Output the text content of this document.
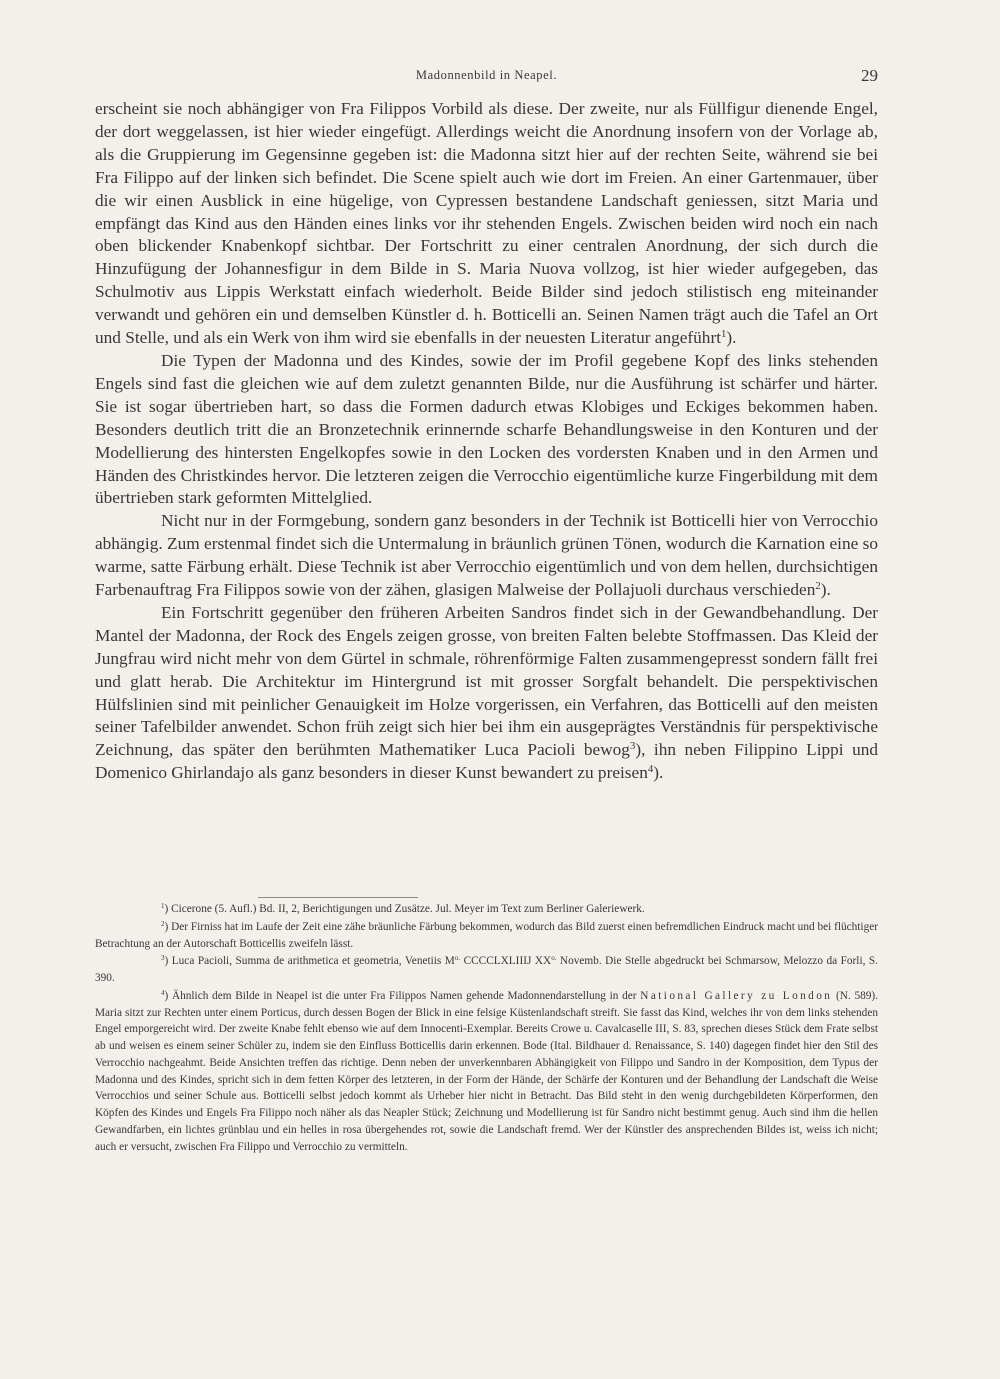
Madonnenbild in Neapel.	29

erscheint sie noch abhängiger von Fra Filippos Vorbild als diese. Der zweite, nur als Füllfigur dienende Engel, der dort weggelassen, ist hier wieder eingefügt. Allerdings weicht die Anordnung insofern von der Vorlage ab, als die Gruppierung im Gegensinne gegeben ist: die Madonna sitzt hier auf der rechten Seite, während sie bei Fra Filippo auf der linken sich befindet. Die Scene spielt auch wie dort im Freien. An einer Gartenmauer, über die wir einen Ausblick in eine hügelige, von Cypressen bestandene Landschaft geniessen, sitzt Maria und empfängt das Kind aus den Händen eines links vor ihr stehenden Engels. Zwischen beiden wird noch ein nach oben blickender Knabenkopf sichtbar. Der Fortschritt zu einer centralen Anordnung, der sich durch die Hinzufügung der Johannesfigur in dem Bilde in S. Maria Nuova vollzog, ist hier wieder aufgegeben, das Schulmotiv aus Lippis Werkstatt einfach wiederholt. Beide Bilder sind jedoch stilistisch eng miteinander verwandt und gehören ein und demselben Künstler d. h. Botticelli an. Seinen Namen trägt auch die Tafel an Ort und Stelle, und als ein Werk von ihm wird sie ebenfalls in der neuesten Literatur angeführt$^1$).

Die Typen der Madonna und des Kindes, sowie der im Profil gegebene Kopf des links stehenden Engels sind fast die gleichen wie auf dem zuletzt genannten Bilde, nur die Ausführung ist schärfer und härter. Sie ist sogar übertrieben hart, so dass die Formen dadurch etwas Klobiges und Eckiges bekommen haben. Besonders deutlich tritt die an Bronzetechnik erinnernde scharfe Behandlungsweise in den Konturen und der Modellierung des hintersten Engelkopfes sowie in den Locken des vordersten Knaben und in den Armen und Händen des Christkindes hervor. Die letzteren zeigen die Verrocchio eigentümliche kurze Fingerbildung mit dem übertrieben stark geformten Mittelglied.

Nicht nur in der Formgebung, sondern ganz besonders in der Technik ist Botticelli hier von Verrocchio abhängig. Zum erstenmal findet sich die Untermalung in bräunlich grünen Tönen, wodurch die Karnation eine so warme, satte Färbung erhält. Diese Technik ist aber Verrocchio eigentümlich und von dem hellen, durchsichtigen Farbenauftrag Fra Filippos sowie von der zähen, glasigen Malweise der Pollajuoli durchaus verschieden$^2$).

Ein Fortschritt gegenüber den früheren Arbeiten Sandros findet sich in der Gewandbehandlung. Der Mantel der Madonna, der Rock des Engels zeigen grosse, von breiten Falten belebte Stoffmassen. Das Kleid der Jungfrau wird nicht mehr von dem Gürtel in schmale, röhrenförmige Falten zusammengepresst sondern fällt frei und glatt herab. Die Architektur im Hintergrund ist mit grosser Sorgfalt behandelt. Die perspektivischen Hülfslinien sind mit peinlicher Genauigkeit im Holze vorgerissen, ein Verfahren, das Botticelli auf den meisten seiner Tafelbilder anwendet. Schon früh zeigt sich hier bei ihm ein ausgeprägtes Verständnis für perspektivische Zeichnung, das später den berühmten Mathematiker Luca Pacioli bewog$^3$), ihn neben Filippino Lippi und Domenico Ghirlandajo als ganz besonders in dieser Kunst bewandert zu preisen$^4$).

$^1$) Cicerone (5. Aufl.) Bd. II, 2, Berichtigungen und Zusätze. Jul. Meyer im Text zum Berliner Galeriewerk.

$^2$) Der Firniss hat im Laufe der Zeit eine zähe bräunliche Färbung bekommen, wodurch das Bild zuerst einen befremdlichen Eindruck macht und bei flüchtiger Betrachtung an der Autorschaft Botticellis zweifeln lässt.

$^3$) Luca Pacioli, Summa de arithmetica et geometria, Venetiis $M^{o.}$ CCCCLXLIIIJ $XX^{o.}$ Novemb. Die Stelle abgedruckt bei Schmarsow, Melozzo da Forli, S. 390.

$^4$) Ähnlich dem Bilde in Neapel ist die unter Fra Filippos Namen gehende Madonnendarstellung in der National Gallery zu London (N. 589). Maria sitzt zur Rechten unter einem Porticus, durch dessen Bogen der Blick in eine felsige Küstenlandschaft streift. Sie fasst das Kind, welches ihr von dem links stehenden Engel emporgereicht wird. Der zweite Knabe fehlt ebenso wie auf dem Innocenti-Exemplar. Bereits Crowe u. Cavalcaselle III, S. 83, sprechen dieses Stück dem Frate selbst ab und weisen es einem seiner Schüler zu, indem sie den Einfluss Botticellis darin erkennen. Bode (Ital. Bildhauer d. Renaissance, S. 140) dagegen findet hier den Stil des Verrocchio nachgeahmt. Beide Ansichten treffen das richtige. Denn neben der unverkennbaren Abhängigkeit von Filippo und Sandro in der Komposition, dem Typus der Madonna und des Kindes, spricht sich in dem fetten Körper des letzteren, in der Form der Hände, der Schärfe der Konturen und der Behandlung der Landschaft die Weise Verrocchios und seiner Schule aus. Botticelli selbst jedoch kommt als Urheber hier nicht in Betracht. Das Bild steht in den wenig durchgebildeten Körperformen, den Köpfen des Kindes und Engels Fra Filippo noch näher als das Neapler Stück; Zeichnung und Modellierung ist für Sandro nicht bestimmt genug. Auch sind ihm die hellen Gewandfarben, ein lichtes grünblau und ein helles in rosa übergehendes rot, sowie die Landschaft fremd. Wer der Künstler des ansprechenden Bildes ist, weiss ich nicht; auch er versucht, zwischen Fra Filippo und Verrocchio zu vermitteln.
